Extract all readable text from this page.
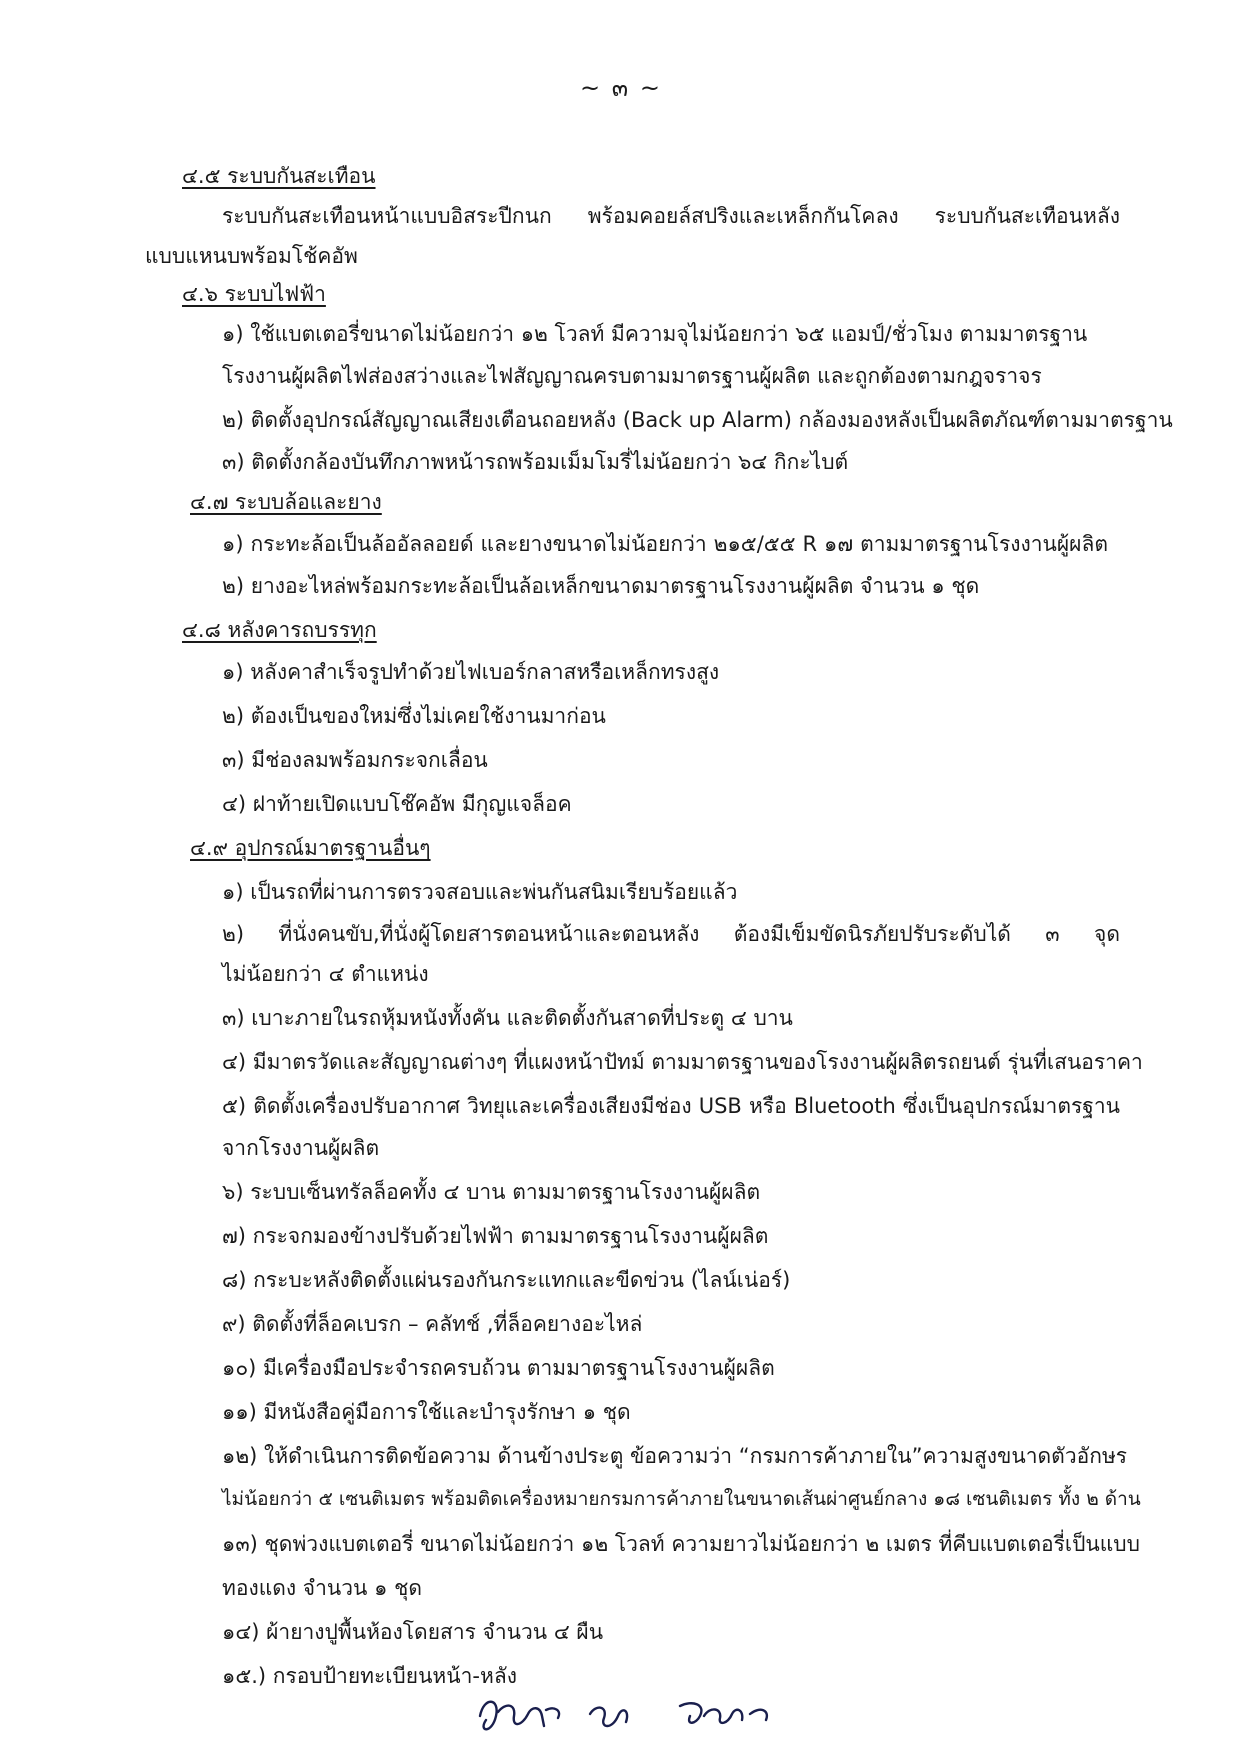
~ ๓ ~
๔.๕ ระบบกันสะเทือน
ระบบกันสะเทือนหน้าแบบอิสระปีกนก พร้อมคอยล์สปริงและเหล็กกันโคลง ระบบกันสะเทือนหลัง
แบบแหนบพร้อมโช้คอัพ
๔.๖ ระบบไฟฟ้า
๑) ใช้แบตเตอรี่ขนาดไม่น้อยกว่า ๑๒ โวลท์ มีความจุไม่น้อยกว่า ๖๕ แอมป์/ชั่วโมง ตามมาตรฐาน
โรงงานผู้ผลิตไฟส่องสว่างและไฟสัญญาณครบตามมาตรฐานผู้ผลิต และถูกต้องตามกฎจราจร
๒) ติดตั้งอุปกรณ์สัญญาณเสียงเตือนถอยหลัง (Back up Alarm) กล้องมองหลังเป็นผลิตภัณฑ์ตามมาตรฐาน
๓) ติดตั้งกล้องบันทึกภาพหน้ารถพร้อมเม็มโมรี่ไม่น้อยกว่า ๖๔ กิกะไบต์
๔.๗ ระบบล้อและยาง
๑) กระทะล้อเป็นล้ออัลลอยด์ และยางขนาดไม่น้อยกว่า ๒๑๕/๕๕ R ๑๗ ตามมาตรฐานโรงงานผู้ผลิต
๒) ยางอะไหล่พร้อมกระทะล้อเป็นล้อเหล็กขนาดมาตรฐานโรงงานผู้ผลิต จำนวน ๑ ชุด
๔.๘ หลังคารถบรรทุก
๑) หลังคาสำเร็จรูปทำด้วยไฟเบอร์กลาสหรือเหล็กทรงสูง
๒) ต้องเป็นของใหม่ซึ่งไม่เคยใช้งานมาก่อน
๓) มีช่องลมพร้อมกระจกเลื่อน
๔) ฝาท้ายเปิดแบบโช๊คอัพ มีกุญแจล็อค
๔.๙ อุปกรณ์มาตรฐานอื่นๆ
๑) เป็นรถที่ผ่านการตรวจสอบและพ่นกันสนิมเรียบร้อยแล้ว
๒) ที่นั่งคนขับ,ที่นั่งผู้โดยสารตอนหน้าและตอนหลัง ต้องมีเข็มขัดนิรภัยปรับระดับได้ ๓ จุด
ไม่น้อยกว่า ๔ ตำแหน่ง
๓) เบาะภายในรถหุ้มหนังทั้งคัน และติดตั้งกันสาดที่ประตู ๔ บาน
๔) มีมาตรวัดและสัญญาณต่างๆ ที่แผงหน้าปัทม์ ตามมาตรฐานของโรงงานผู้ผลิตรถยนต์ รุ่นที่เสนอราคา
๕) ติดตั้งเครื่องปรับอากาศ วิทยุและเครื่องเสียงมีช่อง USB หรือ Bluetooth ซึ่งเป็นอุปกรณ์มาตรฐาน
จากโรงงานผู้ผลิต
๖) ระบบเซ็นทรัลล็อคทั้ง ๔ บาน ตามมาตรฐานโรงงานผู้ผลิต
๗) กระจกมองข้างปรับด้วยไฟฟ้า ตามมาตรฐานโรงงานผู้ผลิต
๘) กระบะหลังติดตั้งแผ่นรองกันกระแทกและขีดข่วน (ไลน์เน่อร์)
๙) ติดตั้งที่ล็อคเบรก – คลัทช์ ,ที่ล็อคยางอะไหล่
๑๐) มีเครื่องมือประจำรถครบถ้วน ตามมาตรฐานโรงงานผู้ผลิต
๑๑) มีหนังสือคู่มือการใช้และบำรุงรักษา ๑ ชุด
๑๒) ให้ดำเนินการติดข้อความ ด้านข้างประตู ข้อความว่า “กรมการค้าภายใน”ความสูงขนาดตัวอักษร
ไม่น้อยกว่า ๕ เซนติเมตร พร้อมติดเครื่องหมายกรมการค้าภายในขนาดเส้นผ่าศูนย์กลาง ๑๘ เซนติเมตร ทั้ง ๒ ด้าน
๑๓) ชุดพ่วงแบตเตอรี่ ขนาดไม่น้อยกว่า ๑๒ โวลท์ ความยาวไม่น้อยกว่า ๒ เมตร ที่คีบแบตเตอรี่เป็นแบบ
ทองแดง จำนวน ๑ ชุด
๑๔) ผ้ายางปูพื้นห้องโดยสาร จำนวน ๔ ผืน
๑๕.) กรอบป้ายทะเบียนหน้า-หลัง
